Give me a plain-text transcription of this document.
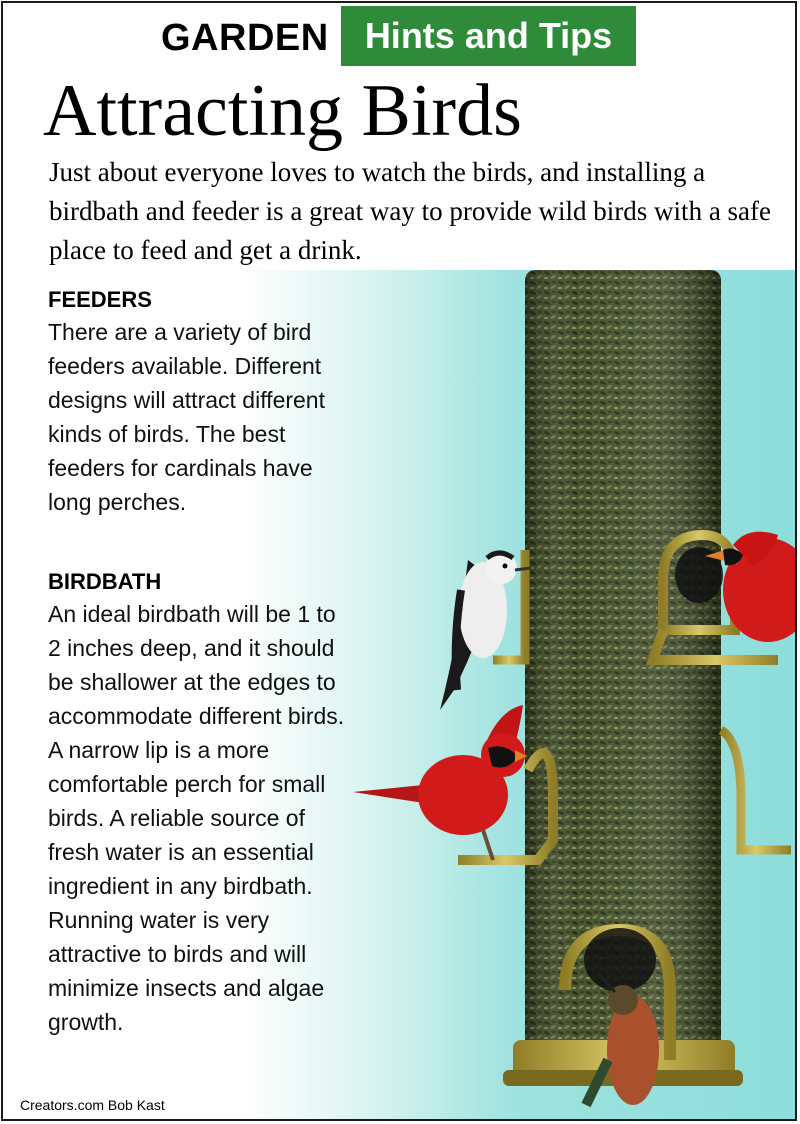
GARDEN	Hints and Tips
Attracting Birds
Just about everyone loves to watch the birds, and installing a birdbath and feeder is a great way to provide wild birds with a safe place to feed and get a drink.
FEEDERS
There are a variety of bird feeders available. Different designs will attract different kinds of birds. The best feeders for cardinals have long perches.
BIRDBATH
An ideal birdbath will be 1 to 2 inches deep, and it should be shallower at the edges to accommodate different birds. A narrow lip is a more comfortable perch for small birds. A reliable source of fresh water is an essential ingredient in any birdbath. Running water is very attractive to birds and will minimize insects and algae growth.
Creators.com Bob Kast
